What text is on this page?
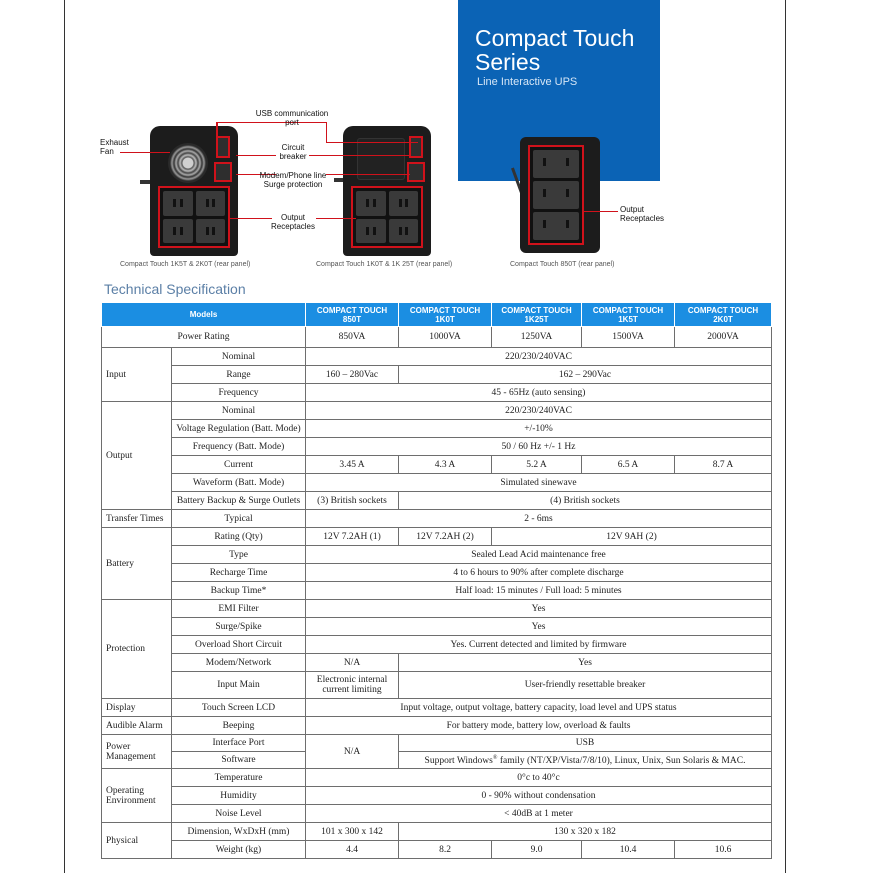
Compact Touch
Series
Line Interactive UPS
Exhaust Fan
USB communication port
Circuit breaker
Modem/Phone line Surge protection
Output Receptacles
Output Receptacles
Compact Touch 1K5T & 2K0T (rear panel)	Compact Touch 1K0T & 1K 25T (rear panel)	Compact Touch 850T (rear panel)
Technical Specification
Models		COMPACT TOUCH 850T	COMPACT TOUCH 1K0T	COMPACT TOUCH 1K25T	COMPACT TOUCH 1K5T	COMPACT TOUCH 2K0T
Power Rating		850VA	1000VA	1250VA	1500VA	2000VA
Input	Nominal	220/230/240VAC				
	Range	160 – 280Vac	162 – 290Vac			
	Frequency	45 - 65Hz (auto sensing)				
Output	Nominal	220/230/240VAC				
	Voltage Regulation (Batt. Mode)	+/-10%				
	Frequency (Batt. Mode)	50 / 60 Hz +/- 1 Hz				
	Current	3.45 A	4.3 A	5.2 A	6.5 A	8.7 A
	Waveform (Batt. Mode)	Simulated sinewave				
	Battery Backup & Surge Outlets	(3) British sockets	(4) British sockets			
Transfer Times	Typical	2 - 6ms				
Battery	Rating (Qty)	12V 7.2AH (1)	12V 7.2AH (2)	12V 9AH (2)		
	Type	Sealed Lead Acid maintenance free				
	Recharge Time	4 to 6 hours to 90% after complete discharge				
	Backup Time*	Half load: 15 minutes / Full load: 5 minutes				
Protection	EMI Filter	Yes				
	Surge/Spike	Yes				
	Overload Short Circuit	Yes. Current detected and limited by firmware				
	Modem/Network	N/A	Yes			
	Input Main	Electronic internal current limiting	User-friendly resettable breaker			
Display	Touch Screen LCD	Input voltage, output voltage, battery capacity, load level and UPS status				
Audible Alarm	Beeping	For battery mode, battery low, overload & faults				

Power
Management	Interface Port	N/A	USB			
	Software		Support Windows® family (NT/XP/Vista/7/8/10), Linux, Unix, Sun Solaris & MAC.			

Operating
Environment	Temperature	0°c to 40°c				
	Humidity	0 - 90% without condensation				
	Noise Level	< 40dB at 1 meter				
Physical	Dimension, WxDxH (mm)	101 x 300 x 142	130 x 320 x 182			
	Weight (kg)	4.4	8.2	9.0	10.4	10.6
